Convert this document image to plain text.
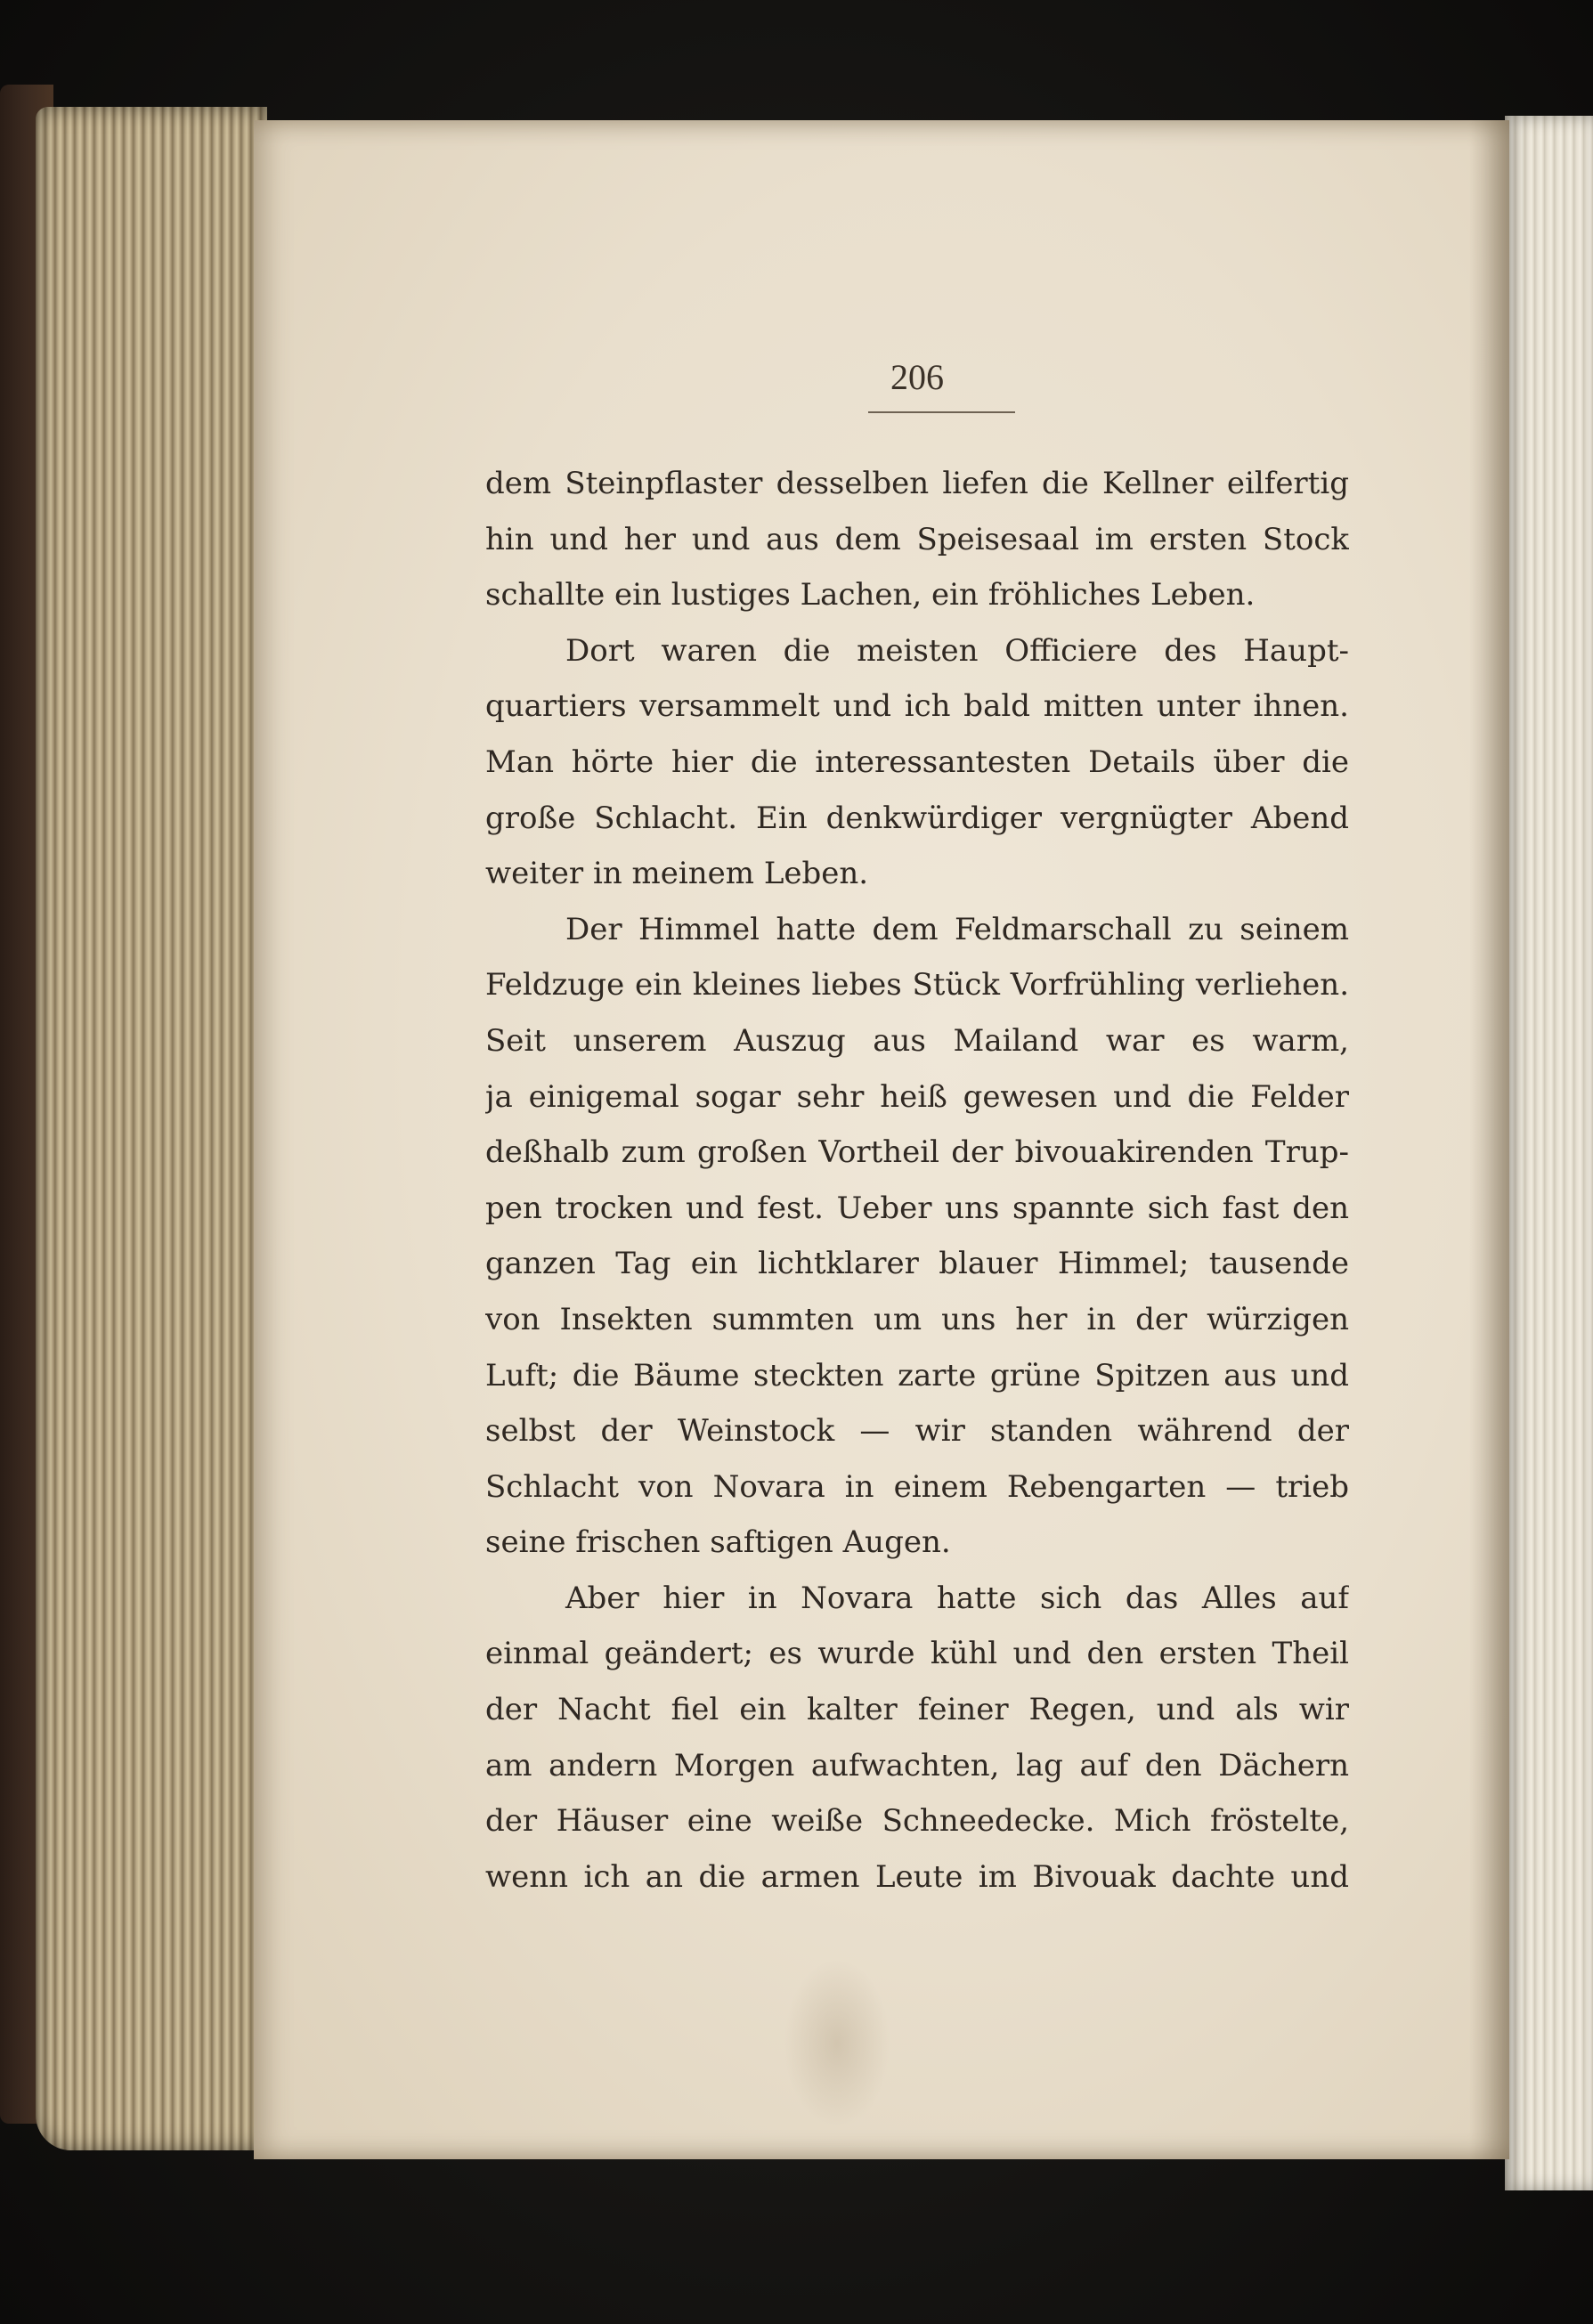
206
dem Steinpflaster desselben liefen die Kellner eilfertig
hin und her und aus dem Speisesaal im ersten Stock
schallte ein lustiges Lachen, ein fröhliches Leben.
Dort waren die meisten Officiere des Haupt-
quartiers versammelt und ich bald mitten unter ihnen.
Man hörte hier die interessantesten Details über die
große Schlacht. Ein denkwürdiger vergnügter Abend
weiter in meinem Leben.
Der Himmel hatte dem Feldmarschall zu seinem
Feldzuge ein kleines liebes Stück Vorfrühling verliehen.
Seit unserem Auszug aus Mailand war es warm,
ja einigemal sogar sehr heiß gewesen und die Felder
deßhalb zum großen Vortheil der bivouakirenden Trup-
pen trocken und fest. Ueber uns spannte sich fast den
ganzen Tag ein lichtklarer blauer Himmel; tausende
von Insekten summten um uns her in der würzigen
Luft; die Bäume steckten zarte grüne Spitzen aus und
selbst der Weinstock — wir standen während der
Schlacht von Novara in einem Rebengarten — trieb
seine frischen saftigen Augen.
Aber hier in Novara hatte sich das Alles auf
einmal geändert; es wurde kühl und den ersten Theil
der Nacht fiel ein kalter feiner Regen, und als wir
am andern Morgen aufwachten, lag auf den Dächern
der Häuser eine weiße Schneedecke. Mich fröstelte,
wenn ich an die armen Leute im Bivouak dachte und
